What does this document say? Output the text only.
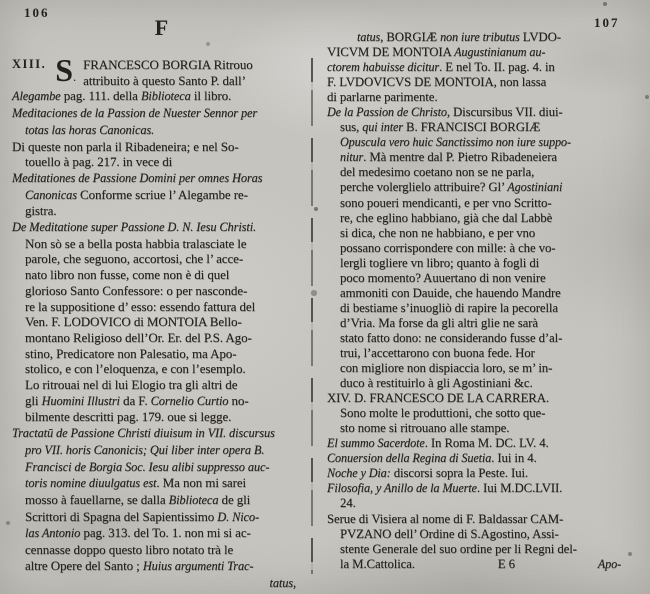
106
107
F
XIII. S.
FRANCESCO BORGIA Ritrouo
attribuito à questo Santo P. dall’
Alegambe pag. 111. della Biblioteca il libro.
Meditaciones de la Passion de Nuester Sennor per
totas las horas Canonicas.
Di queste non parla il Ribadeneira; e nel So-
touello à pag. 217. in vece di
Meditationes de Passione Domini per omnes Horas
Canonicas Conforme scriue l’ Alegambe re-
gistra.
De Meditatione super Passione D. N. Iesu Christi.
Non sò se a bella posta habbia tralasciate le
parole, che seguono, accortosi, che l’ acce-
nato libro non fusse, come non è di quel
glorioso Santo Confessore: o per nasconde-
re la suppositione d’ esso: essendo fattura del
Ven. F. LODOVICO di MONTOIA Bello-
montano Religioso dell’Or. Er. del P.S. Ago-
stino, Predicatore non Palesatio, ma Apo-
stolico, e con l’eloquenza, e con l’esemplo.
Lo ritrouai nel di lui Elogio tra gli altri de
gli Huomini Illustri da F. Cornelio Curtio no-
bilmente descritti pag. 179. oue si legge.
Tractatū de Passione Christi diuisum in VII. discursus
pro VII. horis Canonicis; Qui liber inter opera B.
Francisci de Borgia Soc. Iesu alibi suppresso auc-
toris nomine diuulgatus est. Ma non mi sarei
mosso à fauellarne, se dalla Biblioteca de gli
Scrittori di Spagna del Sapientissimo D. Nico-
las Antonio pag. 313. del To. 1. non mi si ac-
cennasse doppo questo libro notato trà le
altre Opere del Santo ; Huius argumenti Trac-
tatus,
tatus, BORGIÆ non iure tributus LVDO-
VICVM DE MONTOIA Augustinianum au-
ctorem habuisse dicitur. E nel To. II. pag. 4. in
F. LVDOVICVS DE MONTOIA, non lassa
di parlarne parimente.
De la Passion de Christo, Discursibus VII. diui-
sus, qui inter B. FRANCISCI BORGIÆ
Opuscula vero huic Sanctissimo non iure suppo-
nitur. Mà mentre dal P. Pietro Ribadeneiera
del medesimo coetano non se ne parla,
perche volerglielo attribuire? Gl’ Agostiniani
sono poueri mendicanti, e per vno Scritto-
re, che eglino habbiano, già che dal Labbè
si dica, che non ne habbiano, e per vno
possano corrispondere con mille: à che vo-
lergli togliere vn libro; quanto à fogli di
poco momento? Auuertano di non venire
ammoniti con Dauide, che hauendo Mandre
di bestiame s’inuogliò di rapire la pecorella
d’Vria. Ma forse da gli altri glie ne sarà
stato fatto dono: ne considerando fusse d’al-
trui, l’accettarono con buona fede. Hor
con migliore non dispiaccia loro, se m’ in-
duco à restituirlo à gli Agostiniani &c.
XIV. D. FRANCESCO DE LA CARRERA.
Sono molte le produttioni, che sotto que-
sto nome si ritrouano alle stampe.
El summo Sacerdote. In Roma M. DC. LV. 4.
Conuersion della Regina di Suetia. Iui in 4.
Noche y Dia: discorsi sopra la Peste. Iui.
Filosofia, y Anillo de la Muerte. Iui M.DC.LVII.
24.
Serue di Visiera al nome di F. Baldassar CAM-
PVZANO dell’ Ordine di S.Agostino, Assi-
stente Generale del suo ordine per li Regni del-
la M.Cattolica.	E 6	Apo-
